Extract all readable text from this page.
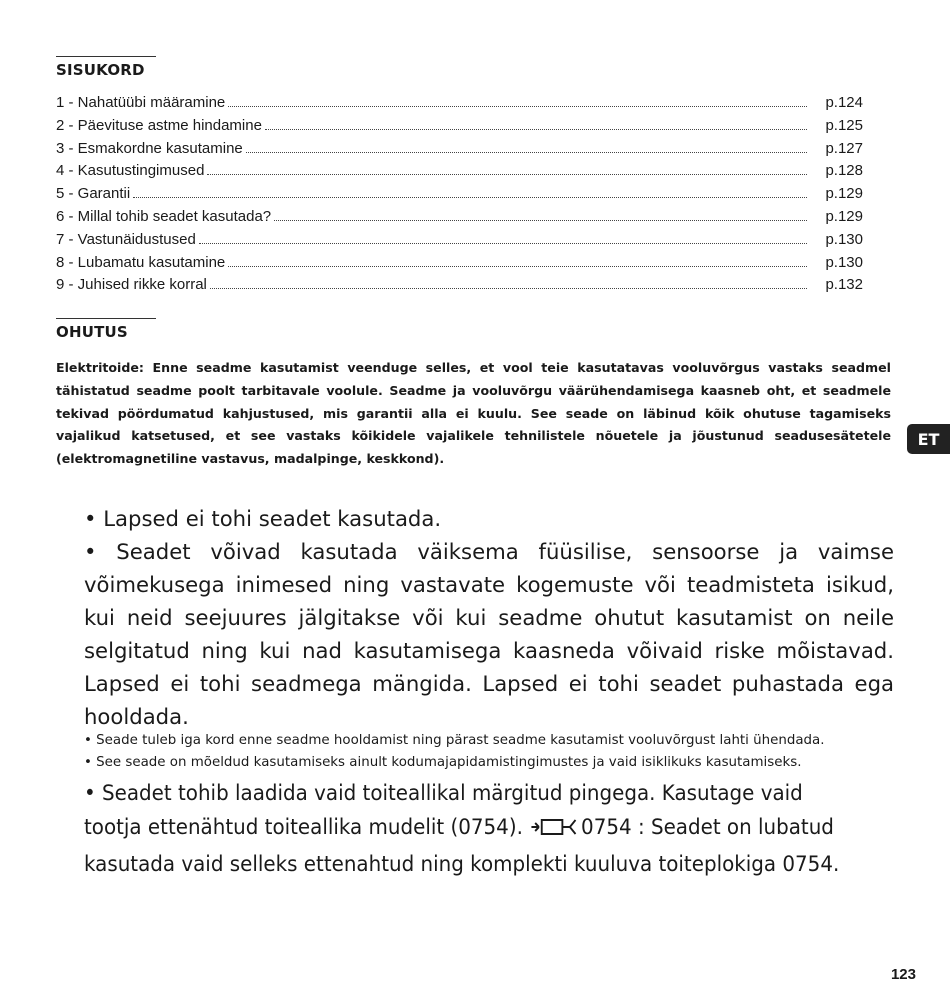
SISUKORD
1 - Nahatüübi määramine	p.124
2 - Päevituse astme hindamine	p.125
3 - Esmakordne kasutamine	p.127
4 - Kasutustingimused	p.128
5 - Garantii	p.129
6 - Millal tohib seadet kasutada?	p.129
7 - Vastunäidustused	p.130
8 - Lubamatu kasutamine	p.130
9 - Juhised rikke korral	p.132
OHUTUS

Elektritoide: Enne seadme kasutamist veenduge selles, et vool teie kasutatavas vooluvõrgus vastaks seadmel tähistatud seadme poolt tarbitavale voolule. Seadme ja vooluvõrgu väärühendamisega kaasneb oht, et seadmele tekivad pöördumatud kahjustused, mis garantii alla ei kuulu. See seade on läbinud kõik ohutuse tagamiseks vajalikud katsetused, et see vastaks kõikidele vajalikele tehnilistele nõuetele ja jõustunud seadusesätetele (elektromagnetiline vastavus, madalpinge, keskkond).

ET

• Lapsed ei tohi seadet kasutada.

• Seadet võivad kasutada väiksema füüsilise, sensoorse ja vaimse võimekusega inimesed ning vastavate kogemuste või teadmisteta isikud, kui neid seejuures jälgitakse või kui seadme ohutut kasutamist on neile selgitatud ning kui nad kasutamisega kaasneda võivaid riske mõistavad. Lapsed ei tohi seadmega mängida. Lapsed ei tohi seadet puhastada ega hooldada.

• Seade tuleb iga kord enne seadme hooldamist ning pärast seadme kasutamist vooluvõrgust lahti ühendada.

• See seade on mõeldud kasutamiseks ainult kodumajapidamistingimustes ja vaid isiklikuks kasutamiseks.

• Seadet tohib laadida vaid toiteallikal märgitud pingega. Kasutage vaid

tootja ettenähtud toiteallika mudelit (0754).	0754 : Seadet on lubatud

kasutada vaid selleks ettenahtud ning komplekti kuuluva toiteplokiga 0754.

123
